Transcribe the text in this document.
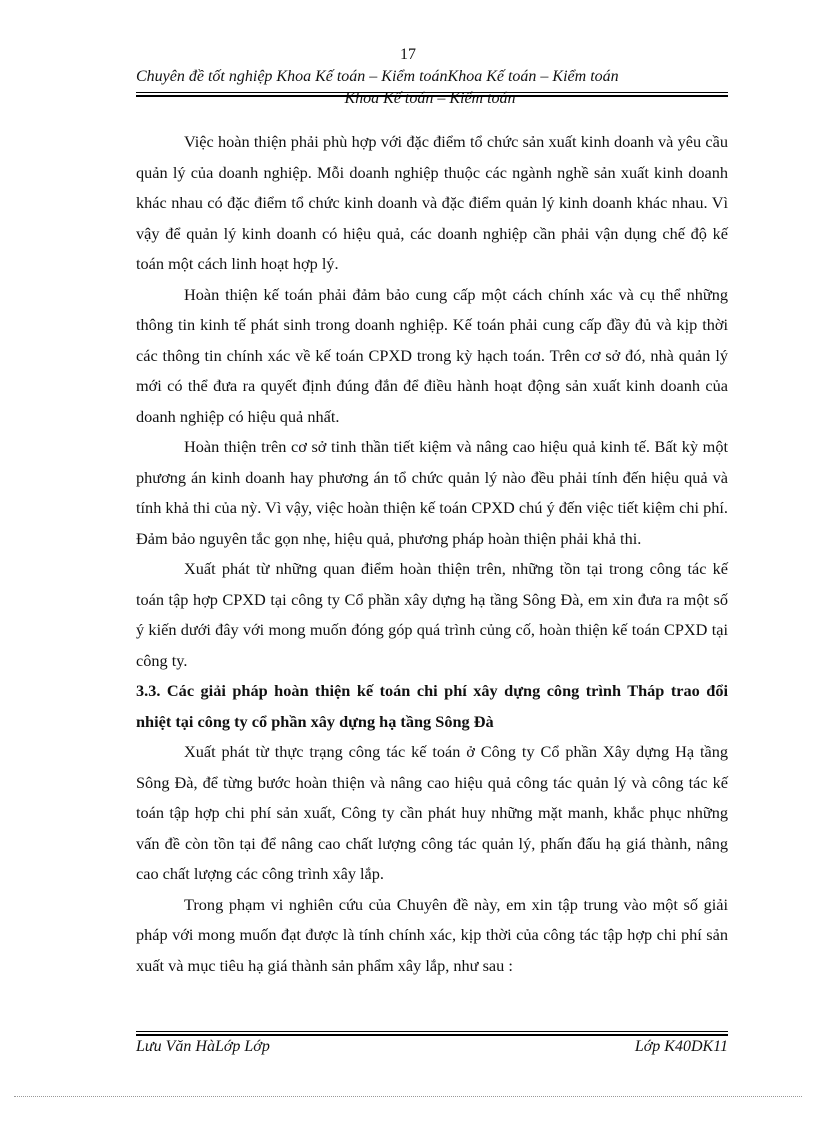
17
Chuyên đề tốt nghiệp Khoa Kế toán – Kiểm toánKhoa Kế toán – Kiểm toán
Khoa Kế toán – Kiểm toán

Việc hoàn thiện phải phù hợp với đặc điểm tổ chức sản xuất kinh doanh và yêu cầu quản lý của doanh nghiệp. Mỗi doanh nghiệp thuộc các ngành nghề sản xuất kinh doanh khác nhau có đặc điểm tổ chức kinh doanh và đặc điểm quản lý kinh doanh khác nhau. Vì vậy để quản lý kinh doanh có hiệu quả, các doanh nghiệp cần phải vận dụng chế độ kế toán một cách linh hoạt hợp lý.

Hoàn thiện kế toán phải đảm bảo cung cấp một cách chính xác và cụ thể những thông tin kinh tế phát sinh trong doanh nghiệp. Kế toán phải cung cấp đầy đủ và kịp thời các thông tin chính xác về kế toán CPXD trong kỳ hạch toán. Trên cơ sở đó, nhà quản lý mới có thể đưa ra quyết định đúng đắn để điều hành hoạt động sản xuất kinh doanh của doanh nghiệp có hiệu quả nhất.

Hoàn thiện trên cơ sở tinh thần tiết kiệm và nâng cao hiệu quả kinh tế. Bất kỳ một phương án kinh doanh hay phương án tổ chức quản lý nào đều phải tính đến hiệu quả và tính khả thi của nỳ. Vì vậy, việc hoàn thiện kế toán CPXD chú ý đến việc tiết kiệm chi phí. Đảm bảo nguyên tắc gọn nhẹ, hiệu quả, phương pháp hoàn thiện phải khả thi.

Xuất phát từ những quan điểm hoàn thiện trên, những tồn tại trong công tác kế toán tập hợp CPXD tại công ty Cổ phần xây dựng hạ tầng Sông Đà, em xin đưa ra một số ý kiến dưới đây với mong muốn đóng góp quá trình củng cố, hoàn thiện kế toán CPXD tại công ty.

3.3. Các giải pháp hoàn thiện kế toán chi phí xây dựng công trình Tháp trao đổi nhiệt tại công ty cổ phần xây dựng hạ tầng Sông Đà

Xuất phát từ thực trạng công tác kế toán ở Công ty Cổ phần Xây dựng Hạ tầng Sông Đà, để từng bước hoàn thiện và nâng cao hiệu quả công tác quản lý và công tác kế toán tập hợp chi phí sản xuất, Công ty cần phát huy những mặt manh, khắc phục những vấn đề còn tồn tại để nâng cao chất lượng công tác quản lý, phấn đấu hạ giá thành, nâng cao chất lượng các công trình xây lắp.

Trong phạm vi nghiên cứu của Chuyên đề này, em xin tập trung vào một số giải pháp với mong muốn đạt được là tính chính xác, kịp thời của công tác tập hợp chi phí sản xuất và mục tiêu hạ giá thành sản phẩm xây lắp, như sau :

Lưu Văn HàLớp Lớp	Lớp K40DK11
